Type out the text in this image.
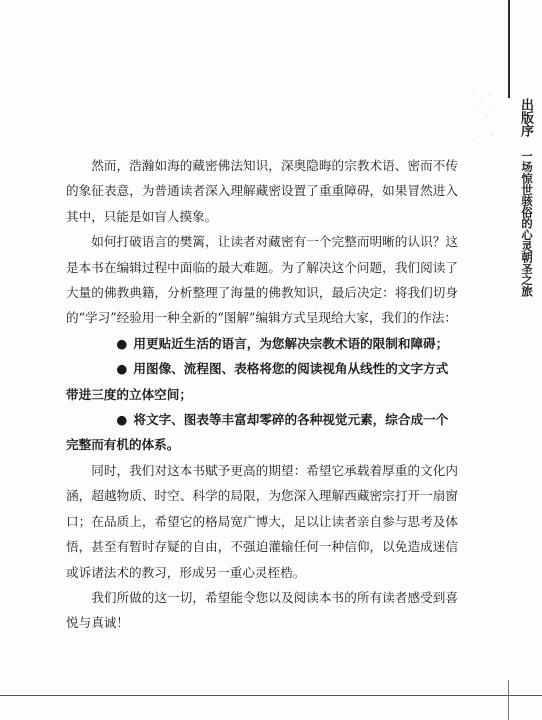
出版序
一场惊世骇俗的心灵朝圣之旅

然而，浩瀚如海的藏密佛法知识，深奥隐晦的宗教术语、密而不传的象征表意，为普通读者深入理解藏密设置了重重障碍，如果冒然进入其中，只能是如盲人摸象。

如何打破语言的樊篱，让读者对藏密有一个完整而明晰的认识？这是本书在编辑过程中面临的最大难题。为了解决这个问题，我们阅读了大量的佛教典籍，分析整理了海量的佛教知识，最后决定：将我们切身的“学习”经验用一种全新的“图解”编辑方式呈现给大家，我们的作法：

● 用更贴近生活的语言，为您解决宗教术语的限制和障碍；

● 用图像、流程图、表格将您的阅读视角从线性的文字方式带进三度的立体空间；

● 将文字、图表等丰富却零碎的各种视觉元素，综合成一个完整而有机的体系。

同时，我们对这本书赋予更高的期望：希望它承载着厚重的文化内涵，超越物质、时空、科学的局限，为您深入理解西藏密宗打开一扇窗口；在品质上，希望它的格局宽广博大，足以让读者亲自参与思考及体悟，甚至有暂时存疑的自由，不强迫灌输任何一种信仰，以免造成迷信或诉诸法术的教习，形成另一重心灵桎梏。

我们所做的这一切，希望能令您以及阅读本书的所有读者感受到喜悦与真诚！
